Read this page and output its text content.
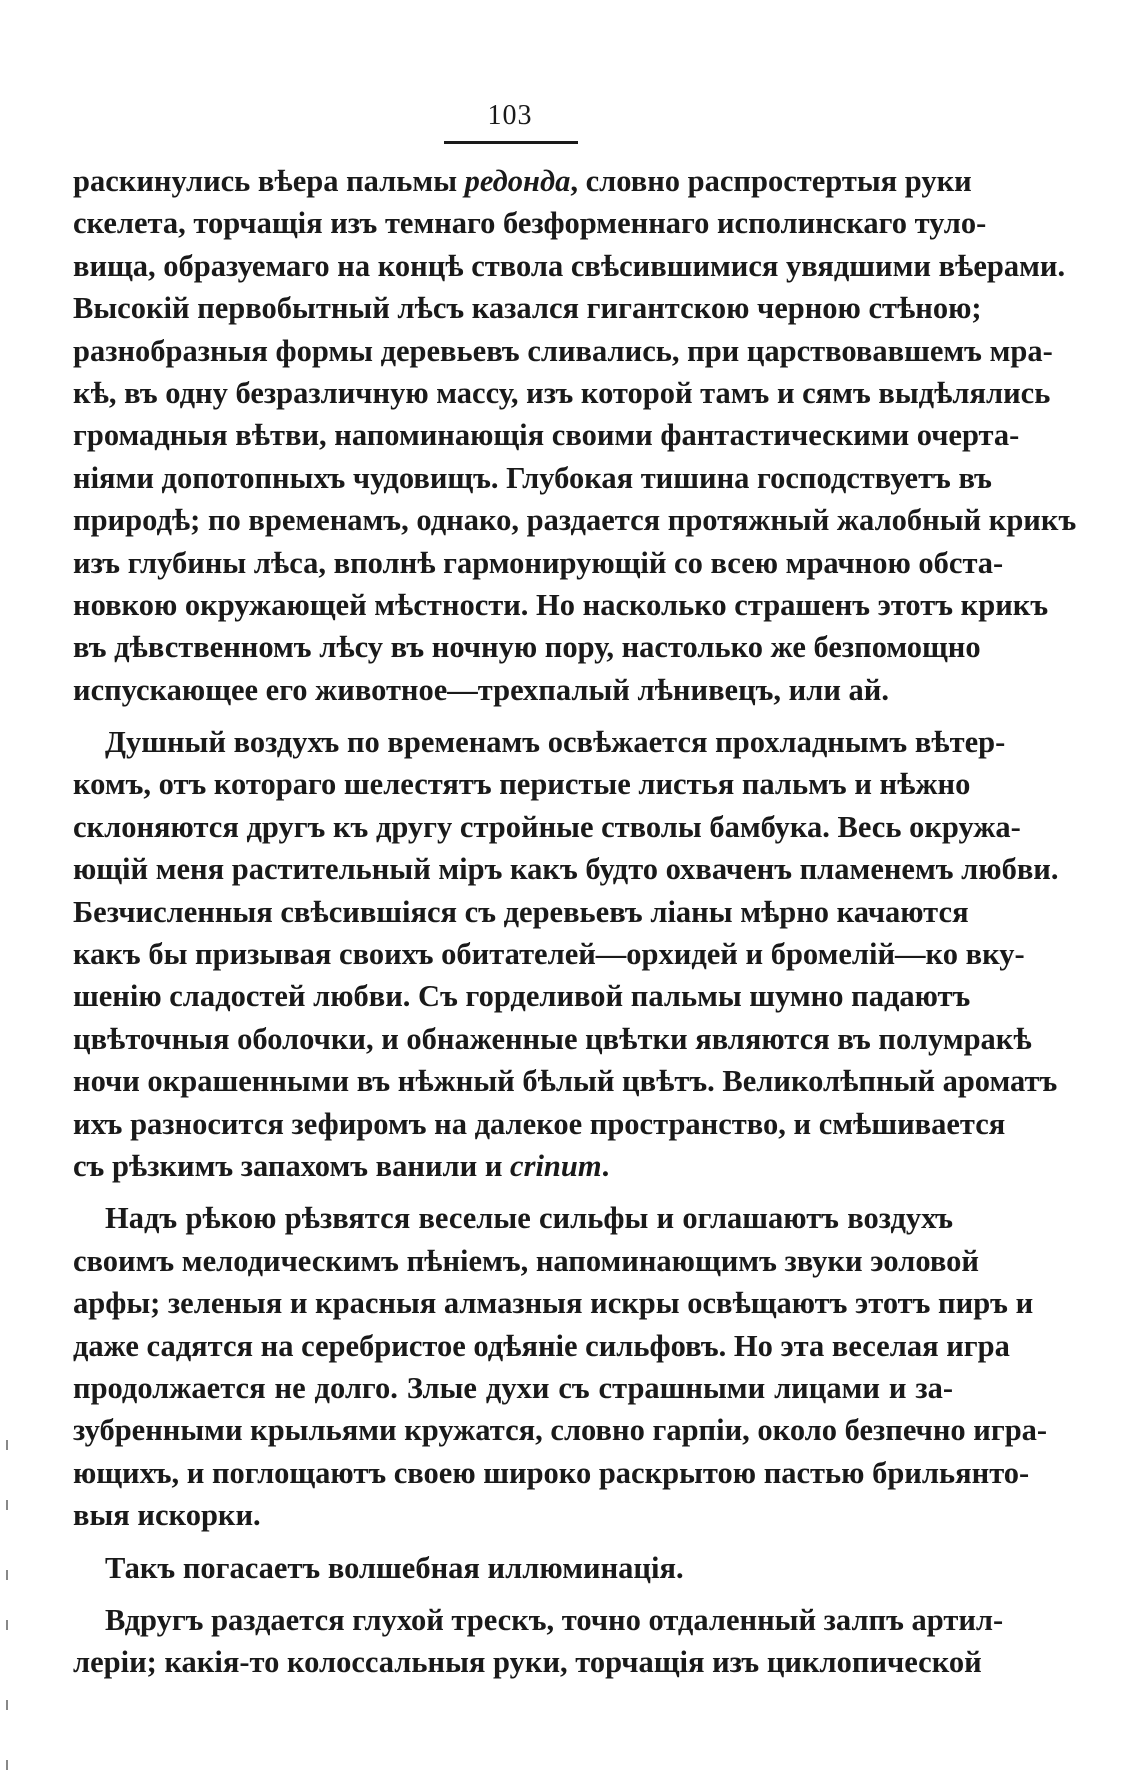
103
раскинулись вѣера пальмы редонда, словно распростертыя руки
скелета, торчащія изъ темнаго безформеннаго исполинскаго туло-
вища, образуемаго на концѣ ствола свѣсившимися увядшими вѣерами.
Высокій первобытный лѣсъ казался гигантскою черною стѣною;
разнобразныя формы деревьевъ сливались, при царствовавшемъ мра-
кѣ, въ одну безразличную массу, изъ которой тамъ и сямъ выдѣлялись
громадныя вѣтви, напоминающія своими фантастическими очерта-
ніями допотопныхъ чудовищъ. Глубокая тишина господствуетъ въ
природѣ; по временамъ, однако, раздается протяжный жалобный крикъ
изъ глубины лѣса, вполнѣ гармонирующій со всею мрачною обста-
новкою окружающей мѣстности. Но насколько страшенъ этотъ крикъ
въ дѣвственномъ лѣсу въ ночную пору, настолько же безпомощно
испускающее его животное—трехпалый лѣнивецъ, или ай.
Душный воздухъ по временамъ освѣжается прохладнымъ вѣтер-
комъ, отъ котораго шелестятъ перистые листья пальмъ и нѣжно
склоняются другъ къ другу стройные стволы бамбука. Весь окружа-
ющій меня растительный міръ какъ будто охваченъ пламенемъ любви.
Безчисленныя свѣсившіяся съ деревьевъ ліаны мѣрно качаются
какъ бы призывая своихъ обитателей—орхидей и бромелій—ко вку-
шенію сладостей любви. Съ горделивой пальмы шумно падаютъ
цвѣточныя оболочки, и обнаженные цвѣтки являются въ полумракѣ
ночи окрашенными въ нѣжный бѣлый цвѣтъ. Великолѣпный ароматъ
ихъ разносится зефиромъ на далекое пространство, и смѣшивается
съ рѣзкимъ запахомъ ванили и crinum.
Надъ рѣкою рѣзвятся веселые сильфы и оглашаютъ воздухъ
своимъ мелодическимъ пѣніемъ, напоминающимъ звуки эоловой
арфы; зеленыя и красныя алмазныя искры освѣщаютъ этотъ пиръ и
даже садятся на серебристое одѣяніе сильфовъ. Но эта веселая игра
продолжается не долго. Злые духи съ страшными лицами и за-
зубренными крыльями кружатся, словно гарпіи, около безпечно игра-
ющихъ, и поглощаютъ своею широко раскрытою пастью брильянто-
выя искорки.
Такъ погасаетъ волшебная иллюминація.
Вдругъ раздается глухой трескъ, точно отдаленный залпъ артил-
леріи; какія-то колоссальныя руки, торчащія изъ циклопической
